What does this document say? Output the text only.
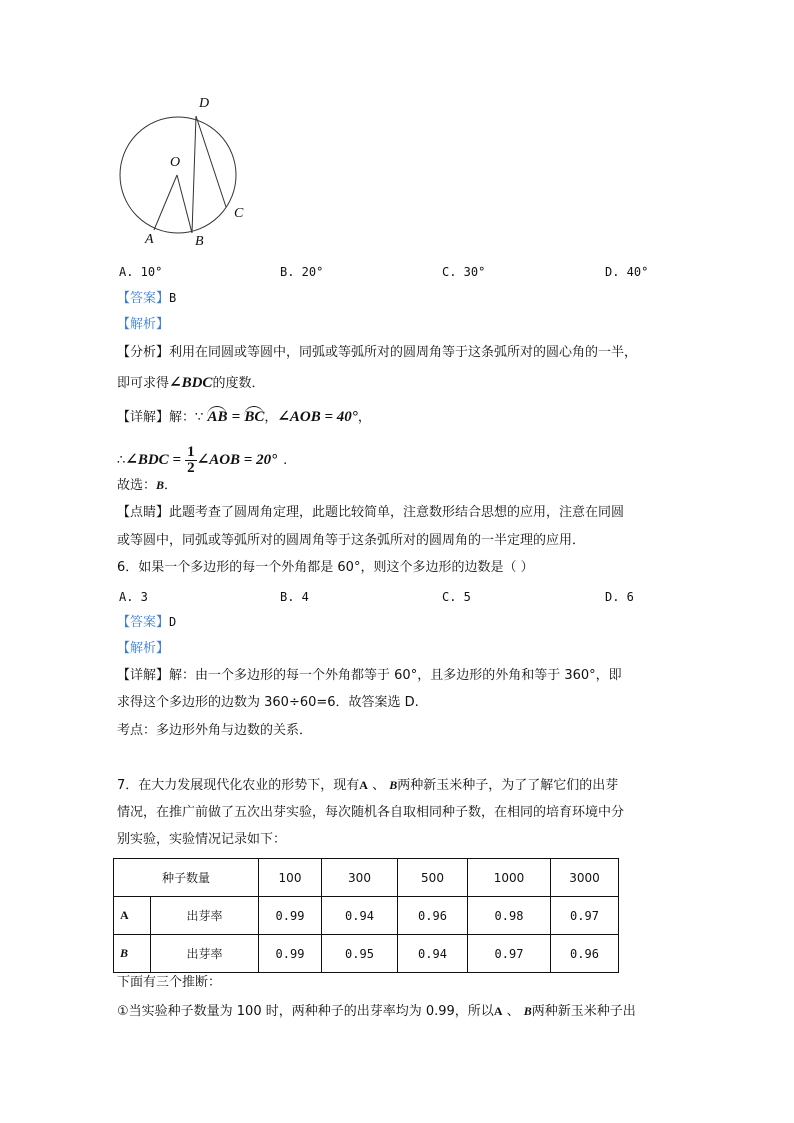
D
O
A	B
C
A. 10°	B. 20°	C. 30°	D. 40°
【答案】B
【解析】
【分析】利用在同圆或等圆中，同弧或等弧所对的圆周角等于这条弧所对的圆心角的一半，
即可求得∠BDC的度数．
【详解】解：∵ AB = BC，∠AOB = 40°，
∴∠BDC = $\frac{1}{2}$ ∠AOB = 20° .
故选：B．
【点睛】此题考查了圆周角定理，此题比较简单，注意数形结合思想的应用，注意在同圆
或等圆中，同弧或等弧所对的圆周角等于这条弧所对的圆周角的一半定理的应用．
6．如果一个多边形的每一个外角都是 60°，则这个多边形的边数是（ ）
A. 3	B. 4	C. 5	D. 6
【答案】D
【解析】
【详解】解：由一个多边形的每一个外角都等于 60°，且多边形的外角和等于 360°，即
求得这个多边形的边数为 360÷60=6．故答案选 D.
考点：多边形外角与边数的关系．
7．在大力发展现代化农业的形势下，现有A 、 B两种新玉米种子，为了了解它们的出芽
情况，在推广前做了五次出芽实验，每次随机各自取相同种子数，在相同的培育环境中分
别实验，实验情况记录如下：
种子数量		100	300	500	1000	3000
A	出芽率	0.99	0.94	0.96	0.98	0.97
B	出芽率	0.99	0.95	0.94	0.97	0.96
下面有三个推断：
①当实验种子数量为 100 时，两种种子的出芽率均为 0.99，所以A 、 B两种新玉米种子出
